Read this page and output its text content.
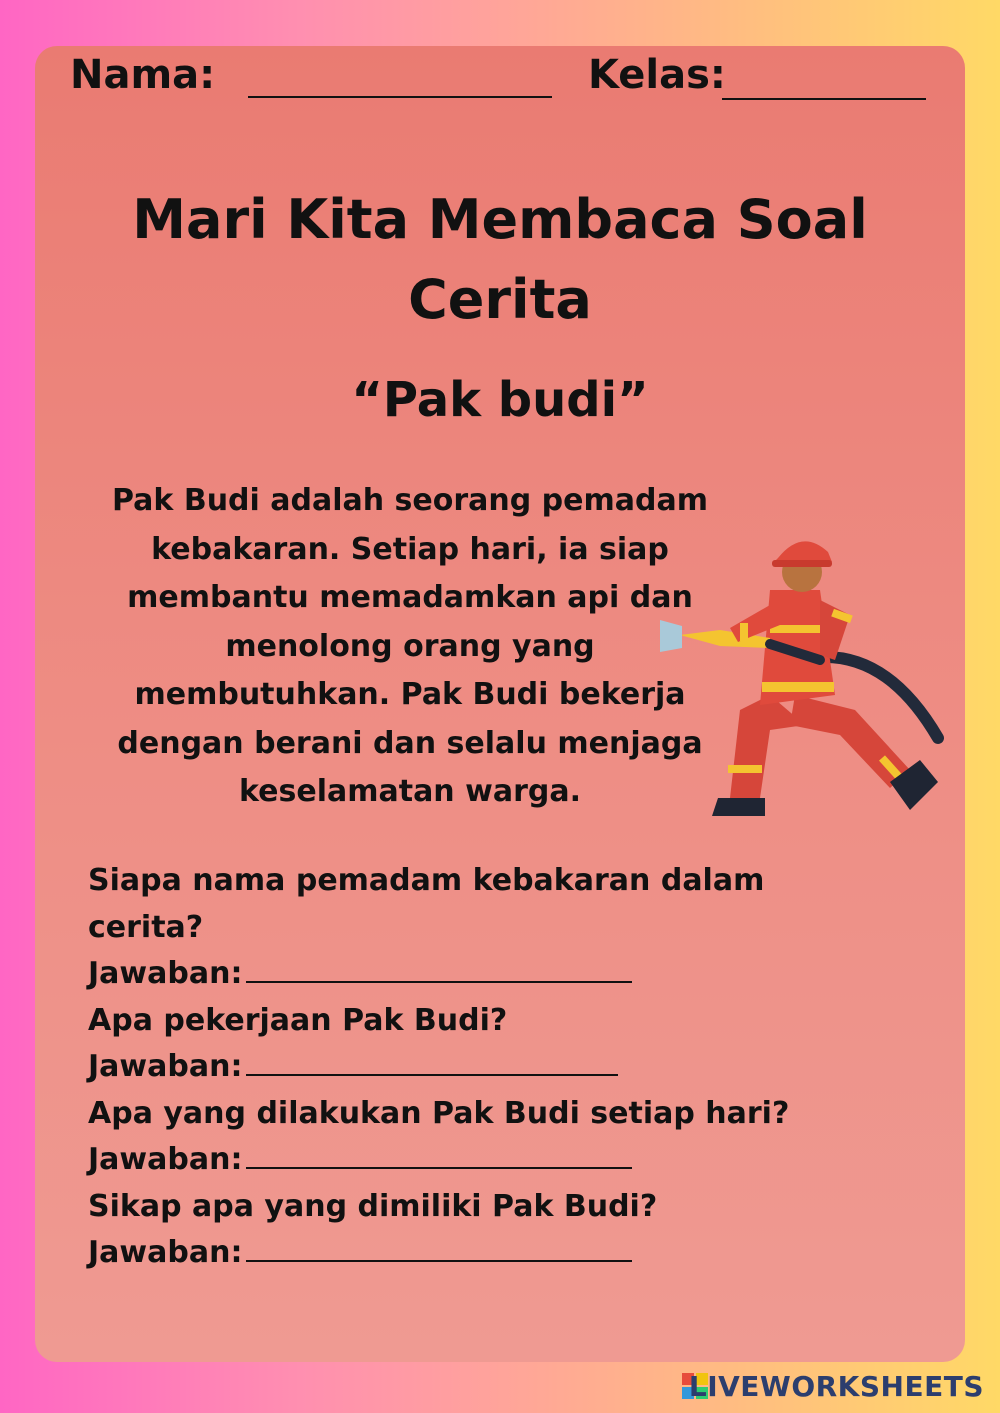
Nama:	Kelas:

Mari Kita Membaca Soal

Cerita

“Pak budi”

Pak Budi adalah seorang pemadam
kebakaran. Setiap hari, ia siap
membantu memadamkan api dan
menolong orang yang
membutuhkan. Pak Budi bekerja
dengan berani dan selalu menjaga
keselamatan warga.
Siapa nama pemadam kebakaran dalam
cerita?
Jawaban:
Apa pekerjaan Pak Budi?
Jawaban:
Apa yang dilakukan Pak Budi setiap hari?
Jawaban:
Sikap apa yang dimiliki Pak Budi?
Jawaban:
LIVEWORKSHEETS
